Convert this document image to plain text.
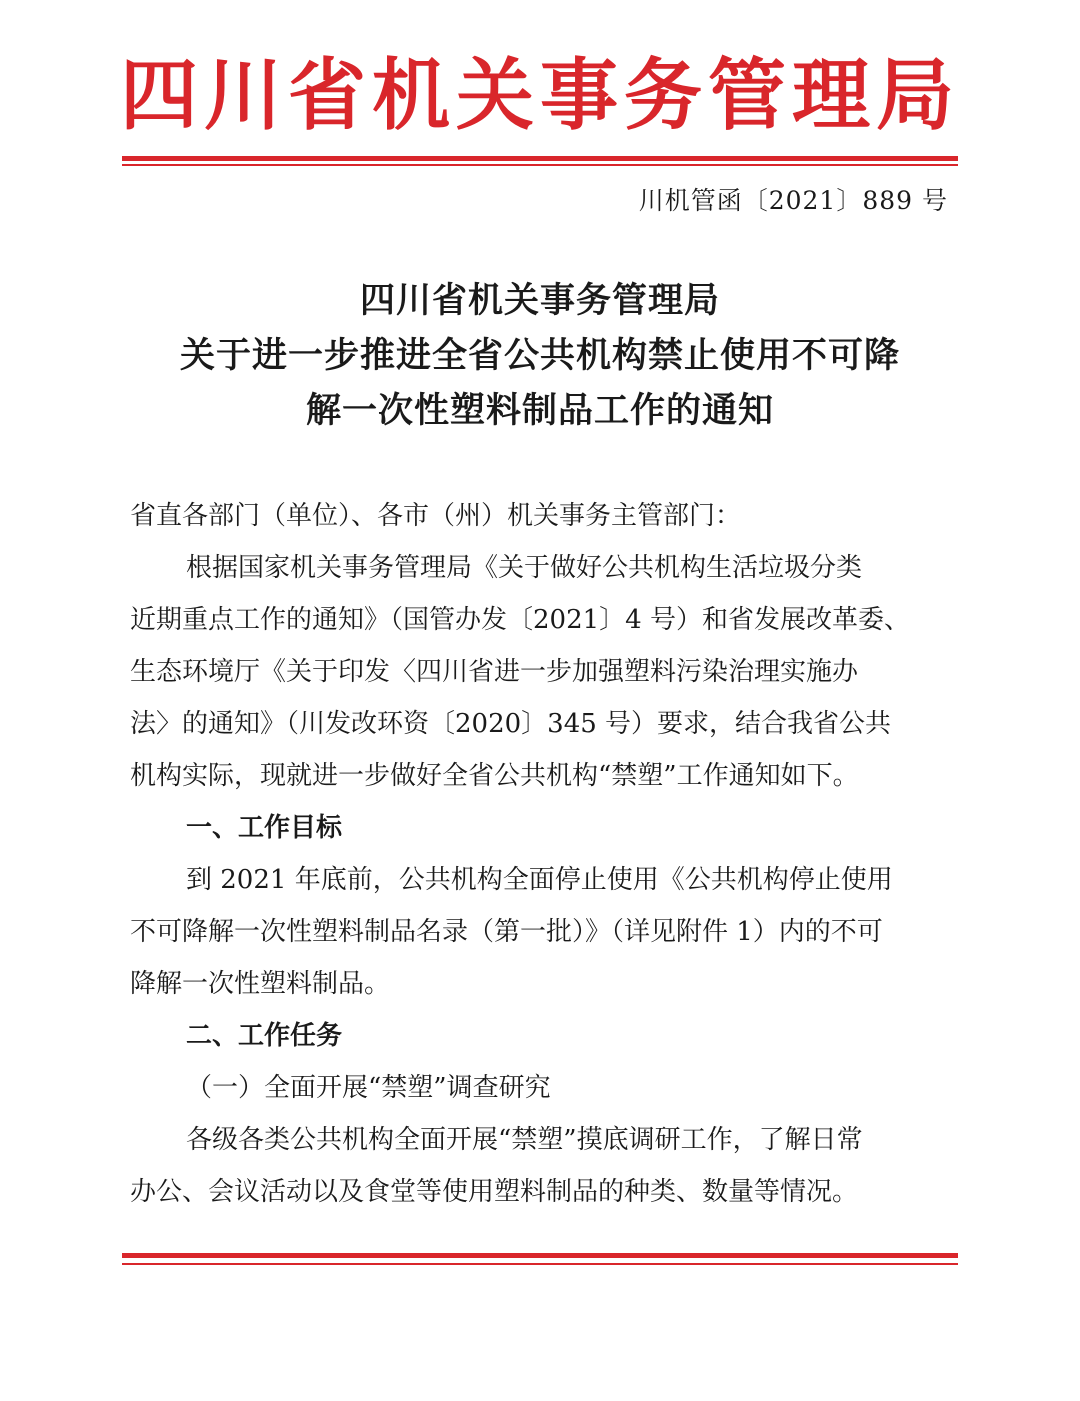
四川省机关事务管理局
川机管函〔2021〕889 号
四川省机关事务管理局
关于进一步推进全省公共机构禁止使用不可降
解一次性塑料制品工作的通知
省直各部门（单位）、各市（州）机关事务主管部门：
根据国家机关事务管理局《关于做好公共机构生活垃圾分类
近期重点工作的通知》（国管办发〔2021〕4 号）和省发展改革委、
生态环境厅《关于印发〈四川省进一步加强塑料污染治理实施办
法〉的通知》（川发改环资〔2020〕345 号）要求，结合我省公共
机构实际，现就进一步做好全省公共机构“禁塑”工作通知如下。
一、工作目标
到 2021 年底前，公共机构全面停止使用《公共机构停止使用
不可降解一次性塑料制品名录（第一批）》（详见附件 1）内的不可
降解一次性塑料制品。
二、工作任务
（一）全面开展“禁塑”调查研究
各级各类公共机构全面开展“禁塑”摸底调研工作，了解日常
办公、会议活动以及食堂等使用塑料制品的种类、数量等情况。
